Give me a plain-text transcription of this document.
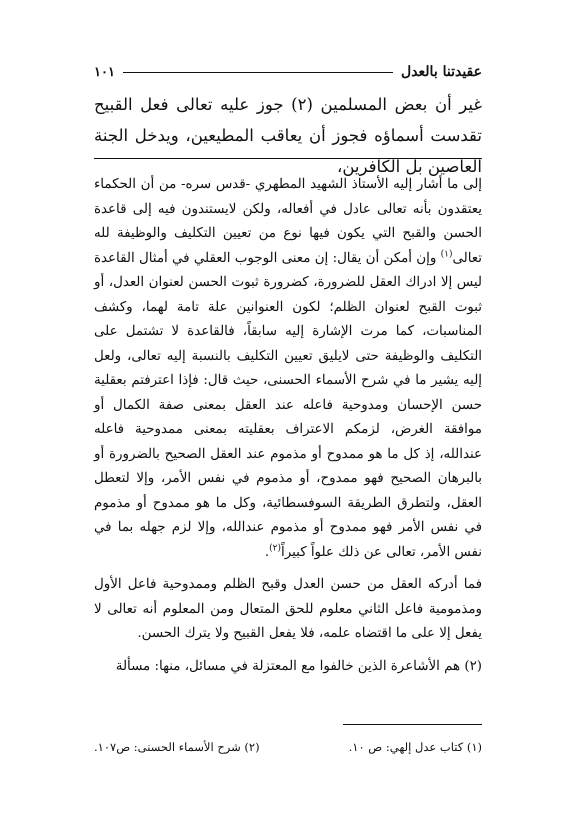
عقيدتنا بالعدل
١٠١
غير أن بعض المسلمين (٢) جوز عليه تعالى فعل القبيح تقدست أسماؤه فجوز أن يعاقب المطيعين، ويدخل الجنة العاصين بل الكافرين،

إلى ما أشار إليه الأستاذ الشهيد المطهري -قدس سره- من أن الحكماء يعتقدون بأنه تعالى عادل في أفعاله، ولكن لايستندون فيه إلى قاعدة الحسن والقبح التي يكون فيها نوع من تعيين التكليف والوظيفة لله تعالى$^{(١)}$ وإن أمكن أن يقال: إن معنى الوجوب العقلي في أمثال القاعدة ليس إلا ادراك العقل للضرورة، كضرورة ثبوت الحسن لعنوان العدل، أو ثبوت القبح لعنوان الظلم؛ لكون العنوانين علة تامة لهما، وكشف المناسبات، كما مرت الإشارة إليه سابقاً، فالقاعدة لا تشتمل على التكليف والوظيفة حتى لايليق تعيين التكليف بالنسبة إليه تعالى، ولعل إليه يشير ما في شرح الأسماء الحسنى، حيث قال: فإذا اعترفتم بعقلية حسن الإحسان ومدوحية فاعله عند العقل بمعنى صفة الكمال أو موافقة الغرض، لزمكم الاعتراف بعقليته بمعنى ممدوحية فاعله عندالله، إذ كل ما هو ممدوح أو مذموم عند العقل الصحيح بالضرورة أو بالبرهان الصحيح فهو ممدوح، أو مذموم في نفس الأمر، وإلا لتعطل العقل، ولتطرق الطريقة السوفسطائية، وكل ما هو ممدوح أو مذموم في نفس الأمر فهو ممدوح أو مذموم عندالله، وإلا لزم جهله بما في نفس الأمر، تعالى عن ذلك علواً كبيراً$^{(٢)}$.

فما أدركه العقل من حسن العدل وقبح الظلم وممدوحية فاعل الأول ومذمومية فاعل الثاني معلوم للحق المتعال ومن المعلوم أنه تعالى لا يفعل إلا على ما اقتضاه علمه، فلا يفعل القبيح ولا يترك الحسن.

(٢) هم الأشاعرة الذين خالفوا مع المعتزلة في مسائل، منها: مسألة

(١) كتاب عدل إلهي: ص ١٠.
(٢) شرح الأسماء الحسنى: ص١٠٧.
